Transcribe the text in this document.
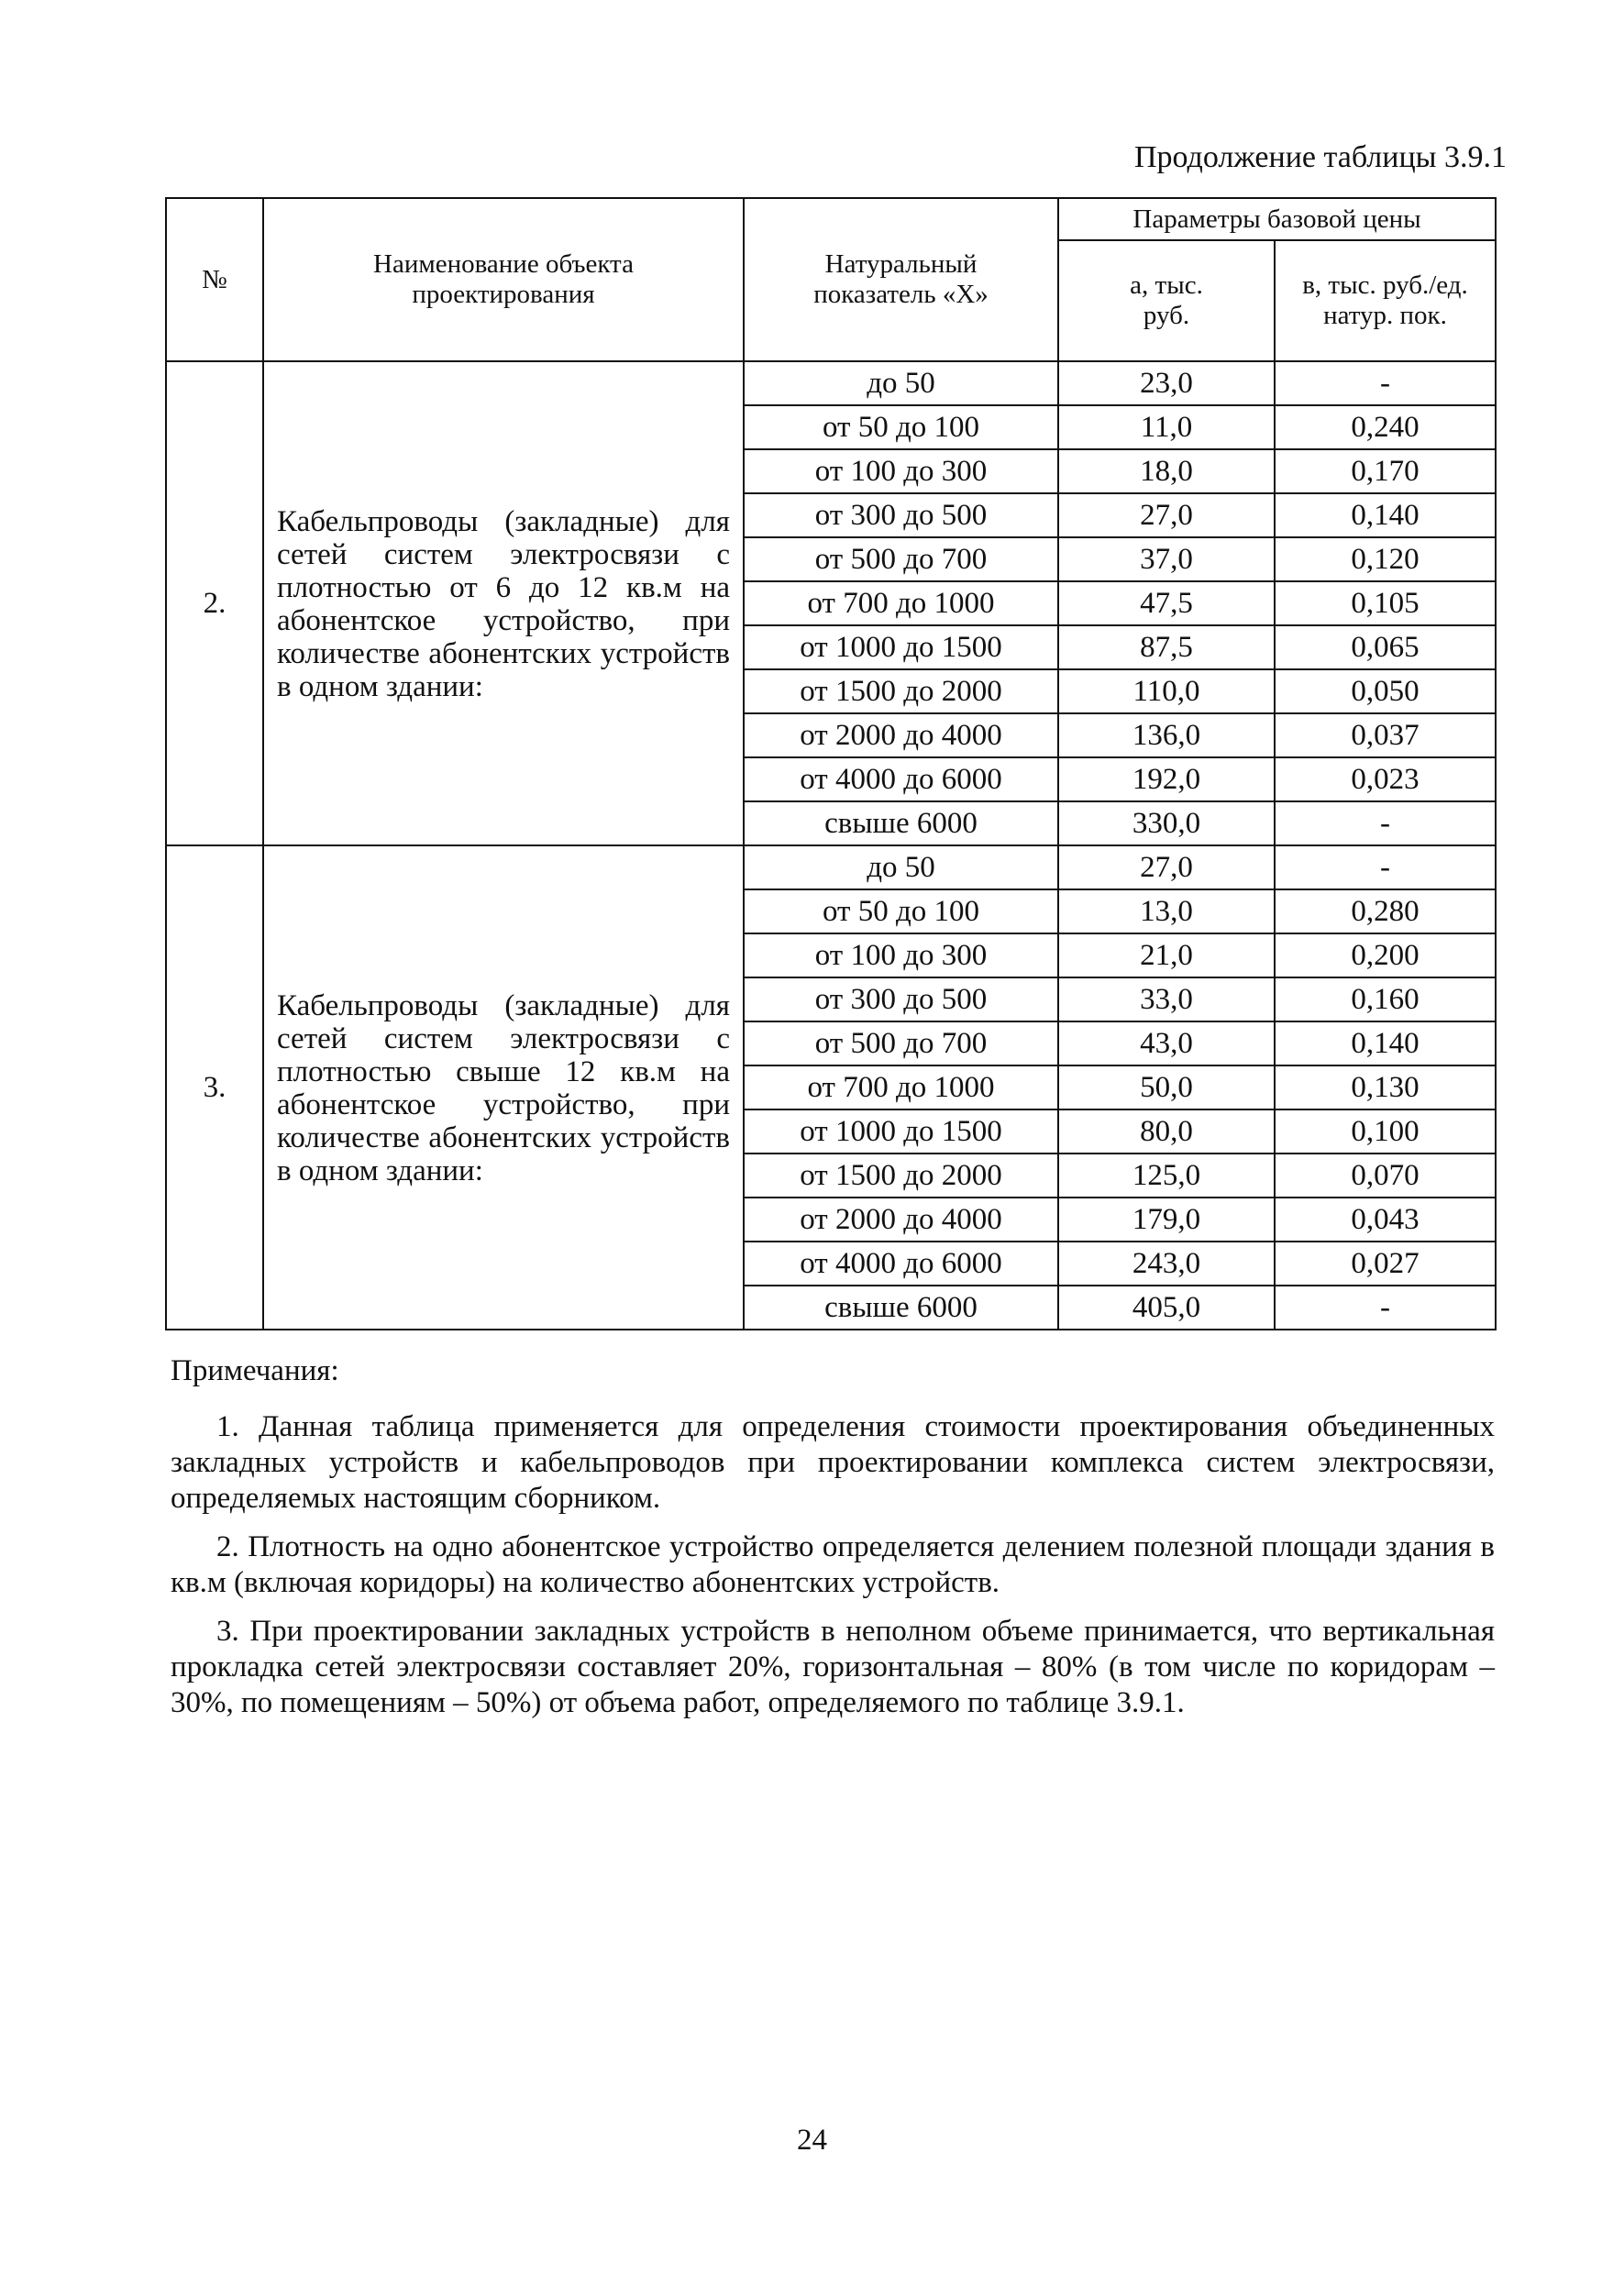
Продолжение таблицы 3.9.1
№	Наименование объекта проектирования	Натуральный показатель «Х»	Параметры базовой цены	
			а, тыс. руб.	в, тыс. руб./ед. натур. пок.
2.	Кабельпроводы (закладные) для сетей систем электросвязи с плотностью от 6 до 12 кв.м на абонентское устройство, при количестве абонентских устройств в одном здании:	до 50	23,0	-
		от 50 до 100	11,0	0,240
		от 100 до 300	18,0	0,170
		от 300 до 500	27,0	0,140
		от 500 до 700	37,0	0,120
		от 700 до 1000	47,5	0,105
		от 1000 до 1500	87,5	0,065
		от 1500 до 2000	110,0	0,050
		от 2000 до 4000	136,0	0,037
		от 4000 до 6000	192,0	0,023
		свыше 6000	330,0	-
3.	Кабельпроводы (закладные) для сетей систем электросвязи с плотностью свыше 12 кв.м на абонентское устройство, при количестве абонентских устройств в одном здании:	до 50	27,0	-
		от 50 до 100	13,0	0,280
		от 100 до 300	21,0	0,200
		от 300 до 500	33,0	0,160
		от 500 до 700	43,0	0,140
		от 700 до 1000	50,0	0,130
		от 1000 до 1500	80,0	0,100
		от 1500 до 2000	125,0	0,070
		от 2000 до 4000	179,0	0,043
		от 4000 до 6000	243,0	0,027
		свыше 6000	405,0	-
Примечания:
1. Данная таблица применяется для определения стоимости проектирования объединенных закладных устройств и кабельпроводов при проектировании комплекса систем электросвязи, определяемых настоящим сборником.
2. Плотность на одно абонентское устройство определяется делением полезной площади здания в кв.м (включая коридоры) на количество абонентских устройств.
3. При проектировании закладных устройств в неполном объеме принимается, что вертикальная прокладка сетей электросвязи составляет 20%, горизонтальная – 80% (в том числе по коридорам – 30%, по помещениям – 50%) от объема работ, определяемого по таблице 3.9.1.
24
